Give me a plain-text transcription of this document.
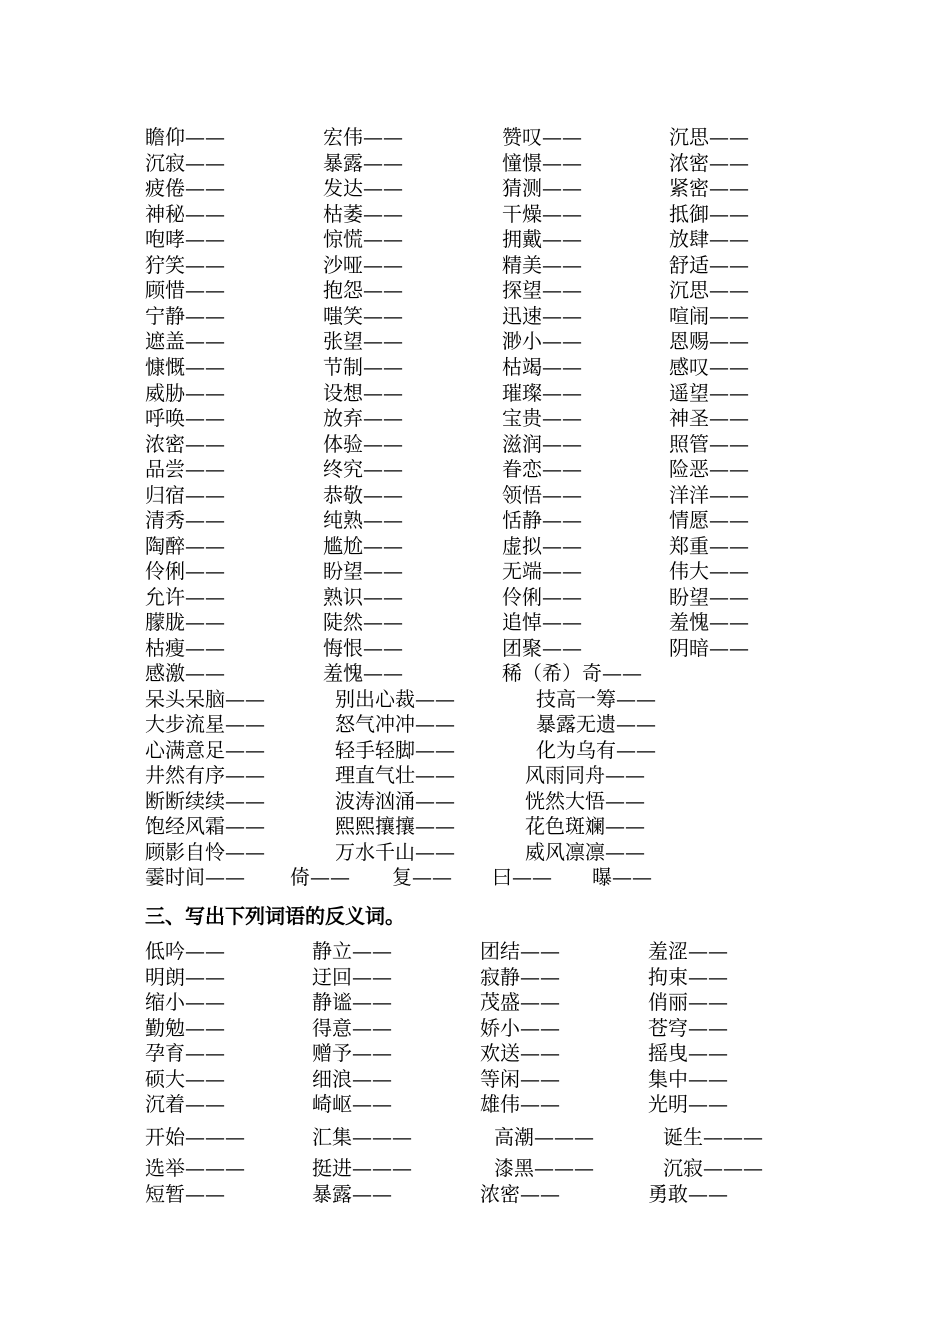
瞻仰——	宏伟——	赞叹——	沉思——
沉寂——	暴露——	憧憬——	浓密——
疲倦——	发达——	猜测——	紧密——
神秘——	枯萎——	干燥——	抵御——
咆哮——	惊慌——	拥戴——	放肆——
狞笑——	沙哑——	精美——	舒适——
顾惜——	抱怨——	探望——	沉思——
宁静——	嗤笑——	迅速——	喧闹——
遮盖——	张望——	渺小——	恩赐——
慷慨——	节制——	枯竭——	感叹——
威胁——	设想——	璀璨——	遥望——
呼唤——	放弃——	宝贵——	神圣——
浓密——	体验——	滋润——	照管——
品尝——	终究——	眷恋——	险恶——
归宿——	恭敬——	领悟——	洋洋——
清秀——	纯熟——	恬静——	情愿——
陶醉——	尴尬——	虚拟——	郑重——
伶俐——	盼望——	无端——	伟大——
允许——	熟识——	伶俐——	盼望——
朦胧——	陡然——	追悼——	羞愧——
枯瘦——	悔恨——	团聚——	阴暗——
感激——	羞愧——	稀（希）奇——
呆头呆脑——	别出心裁——	技高一筹——
大步流星——	怒气冲冲——	暴露无遗——
心满意足——	轻手轻脚——	化为乌有——
井然有序——	理直气壮——	风雨同舟——
断断续续——	波涛汹涌——	恍然大悟——
饱经风霜——	熙熙攘攘——	花色斑斓——
顾影自怜——	万水千山——	威风凛凛——
霎时间—— 倚—— 复—— 曰—— 曝——
三、写出下列词语的反义词。
低吟——	静立——	团结——	羞涩——
明朗——	迂回——	寂静——	拘束——
缩小——	静谧——	茂盛——	俏丽——
勤勉——	得意——	娇小——	苍穹——
孕育——	赠予——	欢送——	摇曳——
硕大——	细浪——	等闲——	集中——
沉着——	崎岖——	雄伟——	光明——
开始———	汇集———	高潮———	诞生———
选举———	挺进———	漆黑———	沉寂———
短暂——	暴露——	浓密——	勇敢——
